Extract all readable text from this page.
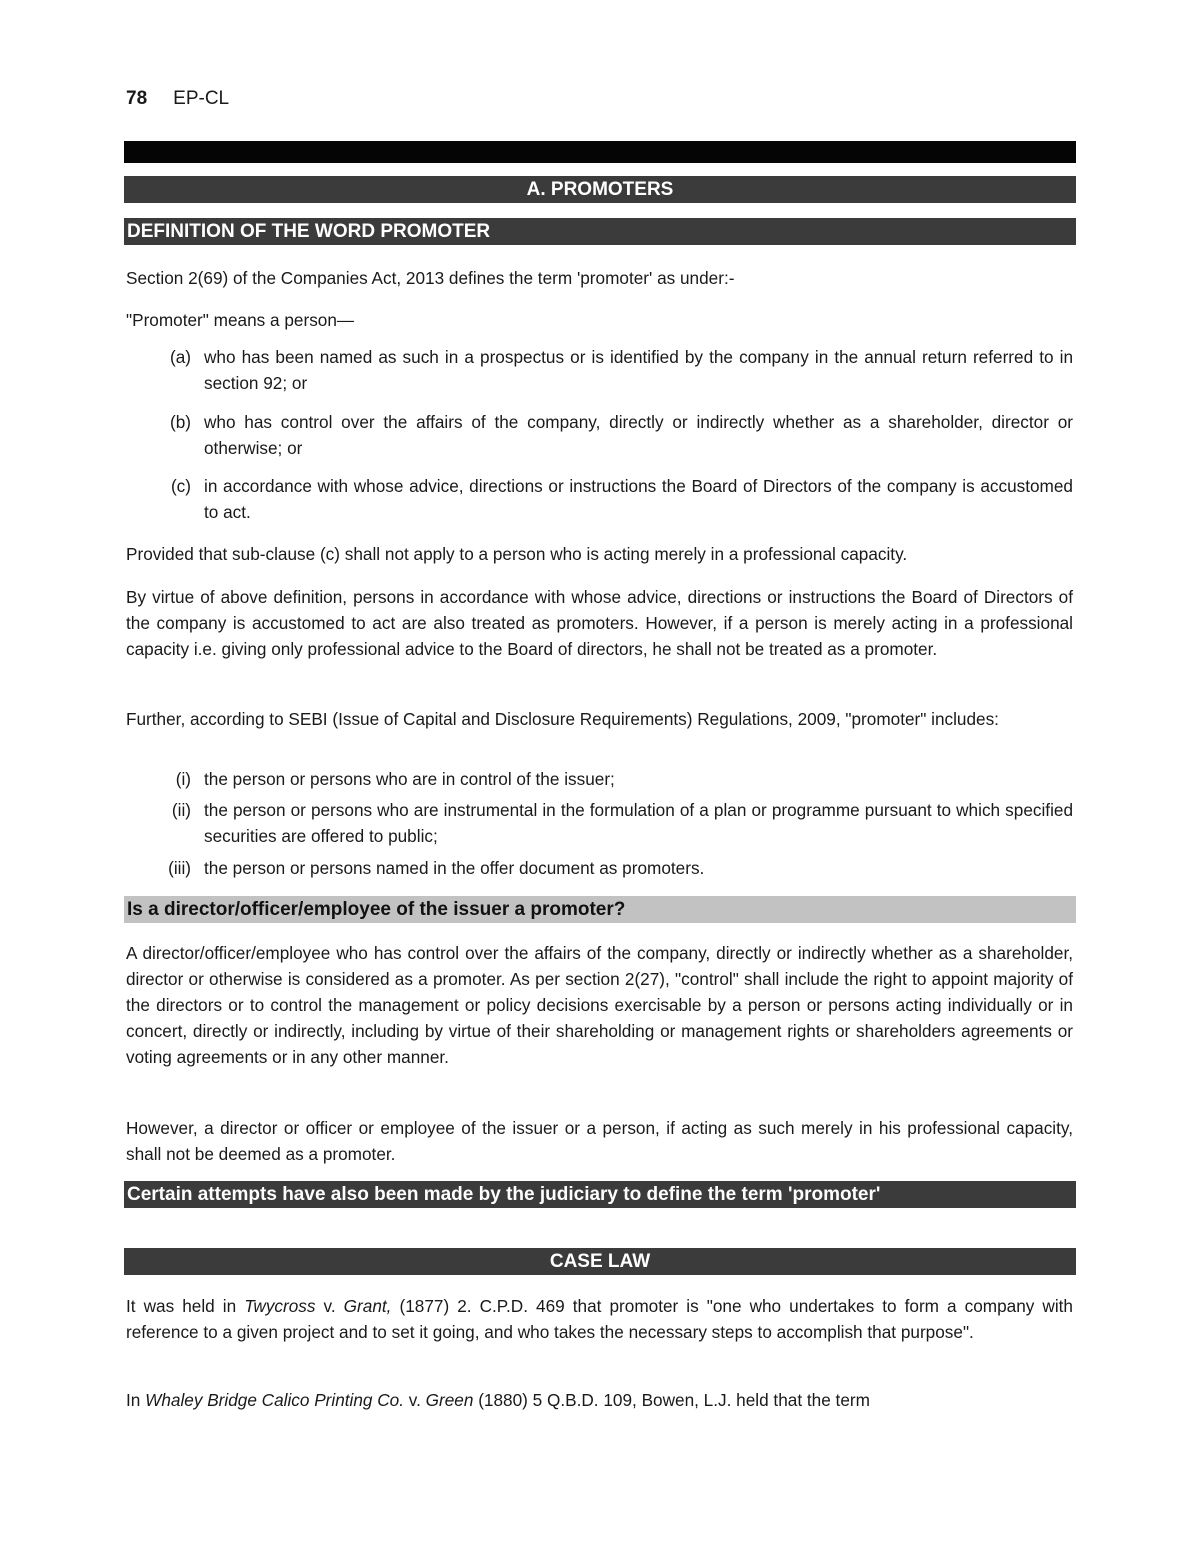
78 EP-CL
A. PROMOTERS
DEFINITION OF THE WORD PROMOTER

Section 2(69) of the Companies Act, 2013 defines the term 'promoter' as under:-

"Promoter" means a person—

(a) who has been named as such in a prospectus or is identified by the company in the annual return referred to in section 92; or
(b) who has control over the affairs of the company, directly or indirectly whether as a shareholder, director or otherwise; or
(c) in accordance with whose advice, directions or instructions the Board of Directors of the company is accustomed to act.

Provided that sub-clause (c) shall not apply to a person who is acting merely in a professional capacity.

By virtue of above definition, persons in accordance with whose advice, directions or instructions the Board of Directors of the company is accustomed to act are also treated as promoters. However, if a person is merely acting in a professional capacity i.e. giving only professional advice to the Board of directors, he shall not be treated as a promoter.

Further, according to SEBI (Issue of Capital and Disclosure Requirements) Regulations, 2009, "promoter" includes:

(i) the person or persons who are in control of the issuer;
(ii) the person or persons who are instrumental in the formulation of a plan or programme pursuant to which specified securities are offered to public;
(iii) the person or persons named in the offer document as promoters.
Is a director/officer/employee of the issuer a promoter?

A director/officer/employee who has control over the affairs of the company, directly or indirectly whether as a shareholder, director or otherwise is considered as a promoter. As per section 2(27), "control" shall include the right to appoint majority of the directors or to control the management or policy decisions exercisable by a person or persons acting individually or in concert, directly or indirectly, including by virtue of their shareholding or management rights or shareholders agreements or voting agreements or in any other manner.

However, a director or officer or employee of the issuer or a person, if acting as such merely in his professional capacity, shall not be deemed as a promoter.

Certain attempts have also been made by the judiciary to define the term 'promoter'
CASE LAW

It was held in Twycross v. Grant, (1877) 2. C.P.D. 469 that promoter is "one who undertakes to form a company with reference to a given project and to set it going, and who takes the necessary steps to accomplish that purpose".

In Whaley Bridge Calico Printing Co. v. Green (1880) 5 Q.B.D. 109, Bowen, L.J. held that the term
